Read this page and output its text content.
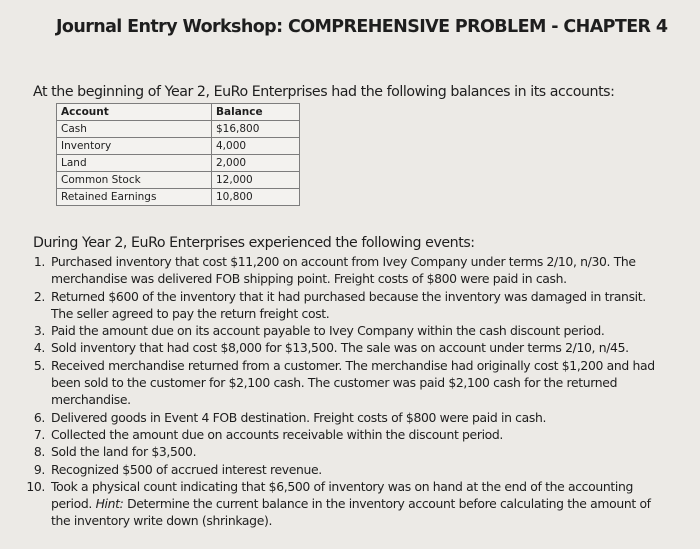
Journal Entry Workshop: COMPREHENSIVE PROBLEM - CHAPTER 4
At the beginning of Year 2, EuRo Enterprises had the following balances in its accounts:
Account	Balance
Cash	$16,800
Inventory	4,000
Land	2,000
Common Stock	12,000
Retained Earnings	10,800
During Year 2, EuRo Enterprises experienced the following events:
1. Purchased inventory that cost $11,200 on account from Ivey Company under terms 2/10, n/30. The merchandise was delivered FOB shipping point. Freight costs of $800 were paid in cash.
2. Returned $600 of the inventory that it had purchased because the inventory was damaged in transit. The seller agreed to pay the return freight cost.
3. Paid the amount due on its account payable to Ivey Company within the cash discount period.
4. Sold inventory that had cost $8,000 for $13,500. The sale was on account under terms 2/10, n/45.
5. Received merchandise returned from a customer. The merchandise had originally cost $1,200 and had been sold to the customer for $2,100 cash. The customer was paid $2,100 cash for the returned merchandise.
6. Delivered goods in Event 4 FOB destination. Freight costs of $800 were paid in cash.
7. Collected the amount due on accounts receivable within the discount period.
8. Sold the land for $3,500.
9. Recognized $500 of accrued interest revenue.
10. Took a physical count indicating that $6,500 of inventory was on hand at the end of the accounting period. Hint: Determine the current balance in the inventory account before calculating the amount of the inventory write down (shrinkage).
